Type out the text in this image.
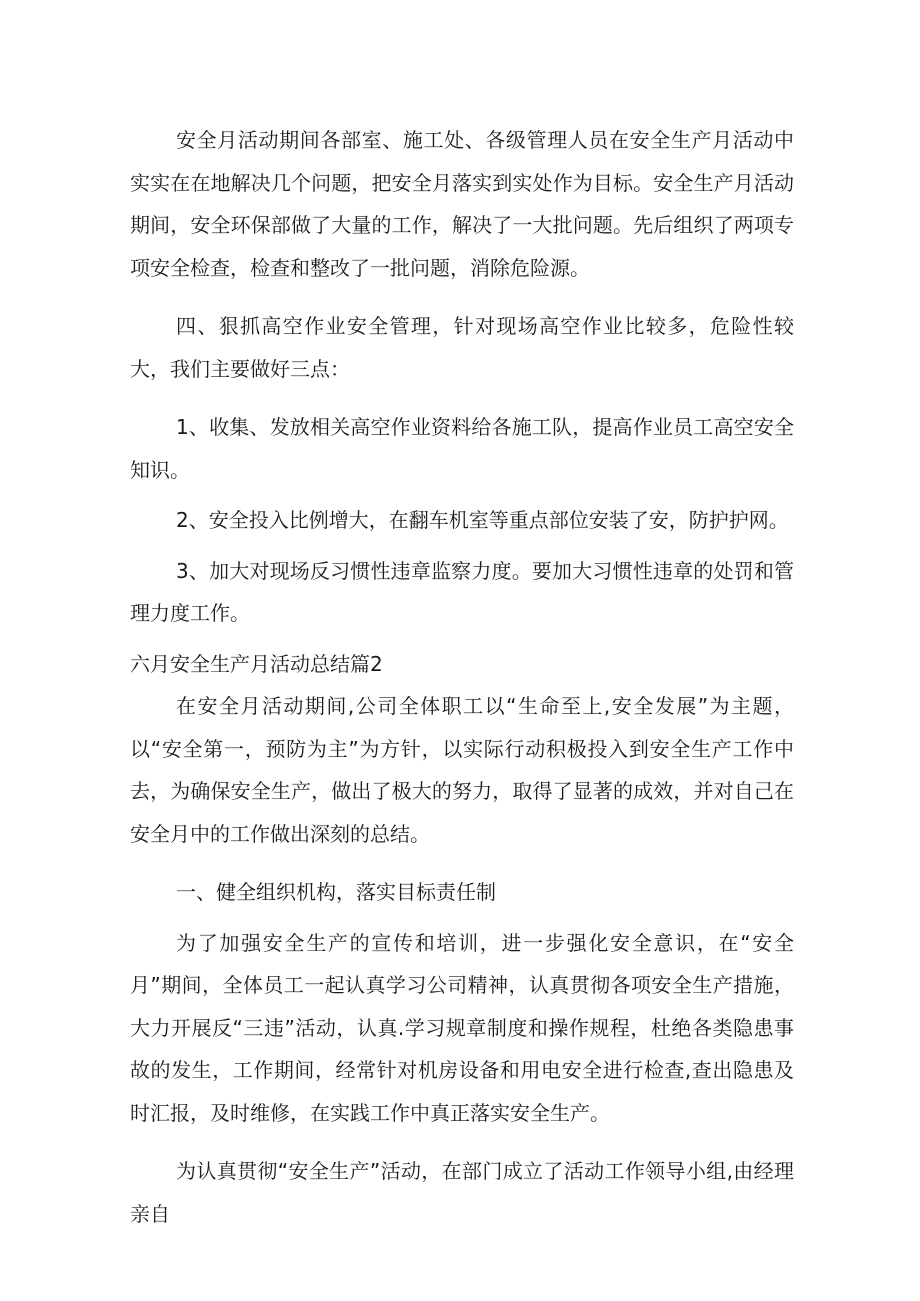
安全月活动期间各部室、施工处、各级管理人员在安全生产月活动中实实在在地解决几个问题，把安全月落实到实处作为目标。安全生产月活动期间，安全环保部做了大量的工作，解决了一大批问题。先后组织了两项专项安全检查，检查和整改了一批问题，消除危险源。

四、狠抓高空作业安全管理，针对现场高空作业比较多，危险性较大，我们主要做好三点：

1、收集、发放相关高空作业资料给各施工队，提高作业员工高空安全知识。

2、安全投入比例增大，在翻车机室等重点部位安装了安，防护护网。

3、加大对现场反习惯性违章监察力度。要加大习惯性违章的处罚和管理力度工作。

六月安全生产月活动总结篇2

在安全月活动期间,公司全体职工以“生命至上,安全发展”为主题，以“安全第一，预防为主”为方针，以实际行动积极投入到安全生产工作中去，为确保安全生产，做出了极大的努力，取得了显著的成效，并对自己在安全月中的工作做出深刻的总结。

一、健全组织机构，落实目标责任制

为了加强安全生产的宣传和培训，进一步强化安全意识，在“安全月”期间，全体员工一起认真学习公司精神，认真贯彻各项安全生产措施，大力开展反“三违”活动，认真.学习规章制度和操作规程，杜绝各类隐患事故的发生，工作期间，经常针对机房设备和用电安全进行检查,查出隐患及时汇报，及时维修，在实践工作中真正落实安全生产。

为认真贯彻“安全生产”活动，在部门成立了活动工作领导小组,由经理亲自
